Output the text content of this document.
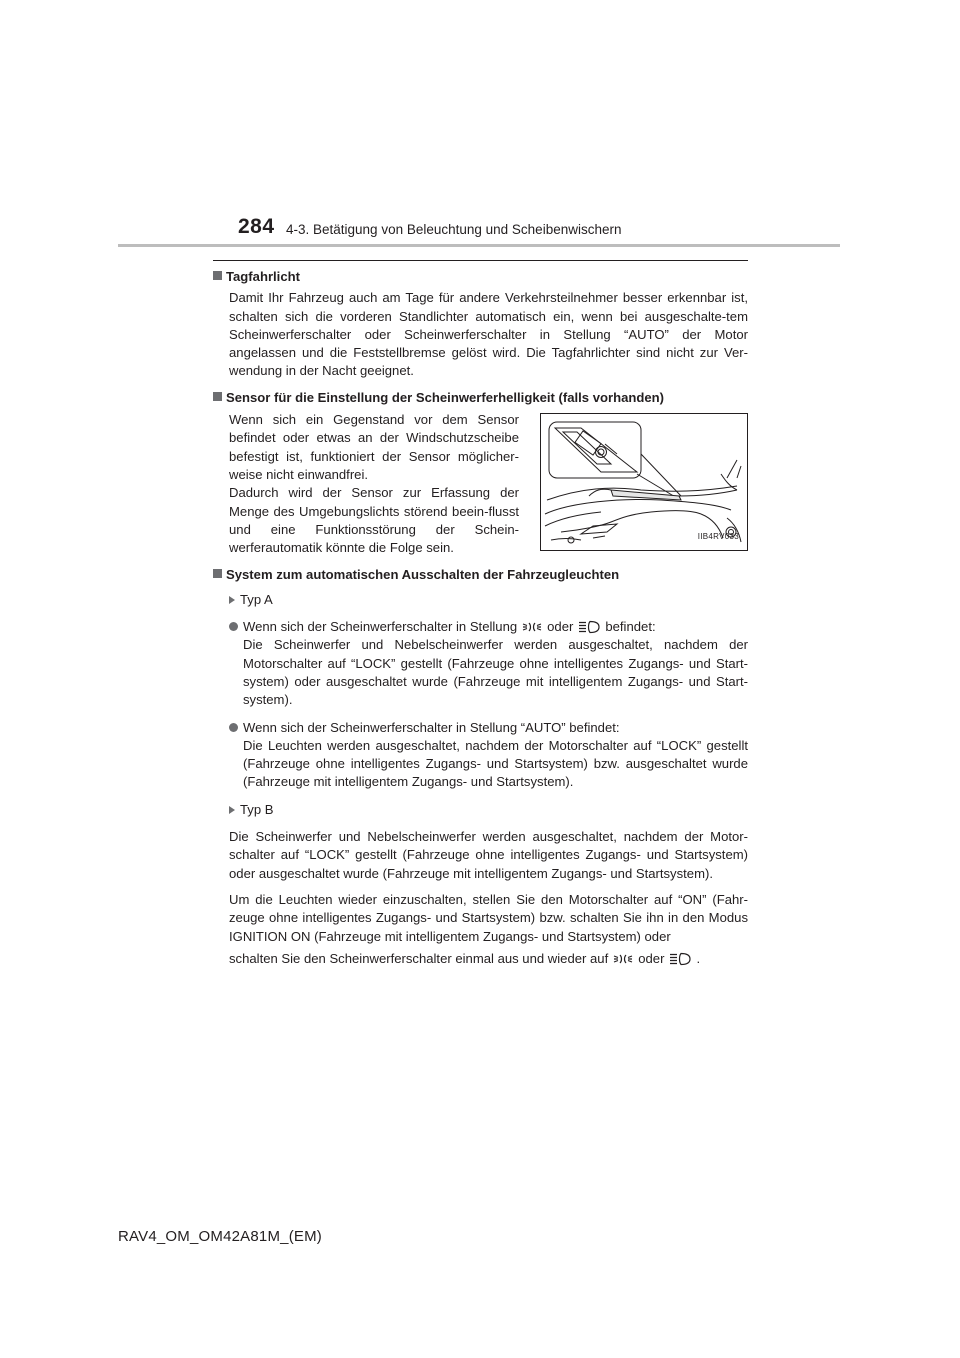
284 4-3. Betätigung von Beleuchtung und Scheibenwischern
Tagfahrlicht

Damit Ihr Fahrzeug auch am Tage für andere Verkehrsteilnehmer besser erkennbar ist, schalten sich die vorderen Standlichter automatisch ein, wenn bei ausgeschalte-tem Scheinwerferschalter oder Scheinwerferschalter in Stellung “AUTO” der Motor angelassen und die Feststellbremse gelöst wird. Die Tagfahrlichter sind nicht zur Ver-wendung in der Nacht geeignet.

Sensor für die Einstellung der Scheinwerferhelligkeit (falls vorhanden)

Wenn sich ein Gegenstand vor dem Sensor befindet oder etwas an der Windschutzscheibe befestigt ist, funktioniert der Sensor möglicher-weise nicht einwandfrei.

Dadurch wird der Sensor zur Erfassung der Menge des Umgebungslichts störend beein-flusst und eine Funktionsstörung der Schein-werferautomatik könnte die Folge sein.

IIB4RV033
System zum automatischen Ausschalten der Fahrzeugleuchten
Typ A

Wenn sich der Scheinwerferschalter in Stellung oder befindet:

Die Scheinwerfer und Nebelscheinwerfer werden ausgeschaltet, nachdem der Motorschalter auf “LOCK” gestellt (Fahrzeuge ohne intelligentes Zugangs- und Start-system) oder ausgeschaltet wurde (Fahrzeuge mit intelligentem Zugangs- und Start-system).

Wenn sich der Scheinwerferschalter in Stellung “AUTO” befindet:

Die Leuchten werden ausgeschaltet, nachdem der Motorschalter auf “LOCK” gestellt (Fahrzeuge ohne intelligentes Zugangs- und Startsystem) bzw. ausgeschaltet wurde (Fahrzeuge mit intelligentem Zugangs- und Startsystem).

Typ B

Die Scheinwerfer und Nebelscheinwerfer werden ausgeschaltet, nachdem der Motor-schalter auf “LOCK” gestellt (Fahrzeuge ohne intelligentes Zugangs- und Startsystem) oder ausgeschaltet wurde (Fahrzeuge mit intelligentem Zugangs- und Startsystem).

Um die Leuchten wieder einzuschalten, stellen Sie den Motorschalter auf “ON” (Fahr-zeuge ohne intelligentes Zugangs- und Startsystem) bzw. schalten Sie ihn in den Modus IGNITION ON (Fahrzeuge mit intelligentem Zugangs- und Startsystem) oder

schalten Sie den Scheinwerferschalter einmal aus und wieder auf oder .

RAV4_OM_OM42A81M_(EM)
